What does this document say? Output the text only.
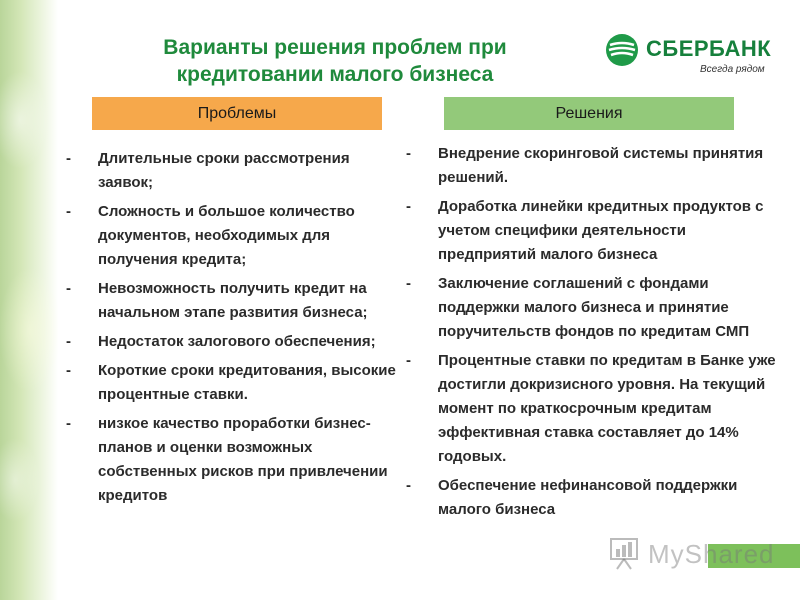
Варианты решения проблем при
кредитовании малого бизнеса
СБЕРБАНК
Всегда рядом
Проблемы	Решения
-	Длительные сроки рассмотрения заявок;
-	Сложность и большое количество документов, необходимых для получения кредита;
-	Невозможность получить кредит на начальном этапе развития бизнеса;
-	Недостаток залогового обеспечения;
-	Короткие сроки кредитования, высокие процентные ставки.
-	низкое качество проработки бизнес-планов и оценки возможных собственных рисков при привлечении кредитов
-	Внедрение скоринговой системы принятия решений.
-	Доработка линейки кредитных продуктов с учетом специфики деятельности предприятий малого бизнеса
-	Заключение соглашений с фондами поддержки малого бизнеса и принятие поручительств фондов по кредитам СМП
-	Процентные ставки по кредитам в Банке уже достигли докризисного уровня. На текущий момент по краткосрочным кредитам эффективная ставка составляет до 14% годовых.
-	Обеспечение нефинансовой поддержки малого бизнеса
MyShared
